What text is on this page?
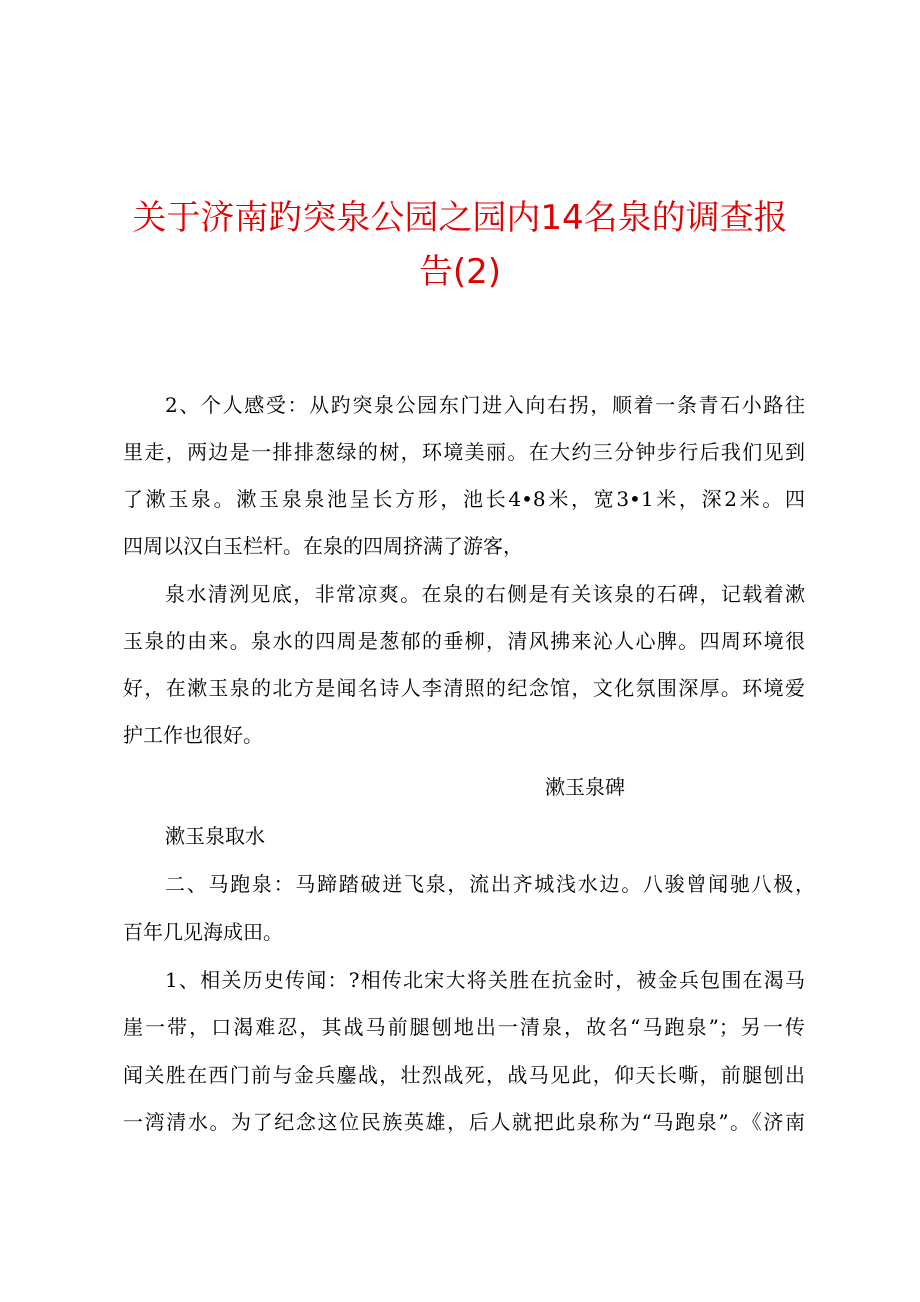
关于济南趵突泉公园之园内14名泉的调查报
告(2)
2、个人感受：从趵突泉公园东门进入向右拐，顺着一条青石小路往
里走，两边是一排排葱绿的树，环境美丽。在大约三分钟步行后我们见到
了漱玉泉。漱玉泉泉池呈长方形，池长4•8米，宽3•1米，深2米。四
四周以汉白玉栏杆。在泉的四周挤满了游客，
泉水清洌见底，非常凉爽。在泉的右侧是有关该泉的石碑，记载着漱
玉泉的由来。泉水的四周是葱郁的垂柳，清风拂来沁人心脾。四周环境很
好，在漱玉泉的北方是闻名诗人李清照的纪念馆，文化氛围深厚。环境爱
护工作也很好。
漱玉泉碑
漱玉泉取水
二、马跑泉：马蹄踏破迸飞泉，流出齐城浅水边。八骏曾闻驰八极，
百年几见海成田。
1、相关历史传闻：?相传北宋大将关胜在抗金时，被金兵包围在渴马
崖一带，口渴难忍，其战马前腿刨地出一清泉，故名“马跑泉”；另一传
闻关胜在西门前与金兵鏖战，壮烈战死，战马见此，仰天长嘶，前腿刨出
一湾清水。为了纪念这位民族英雄，后人就把此泉称为“马跑泉”。《济南
